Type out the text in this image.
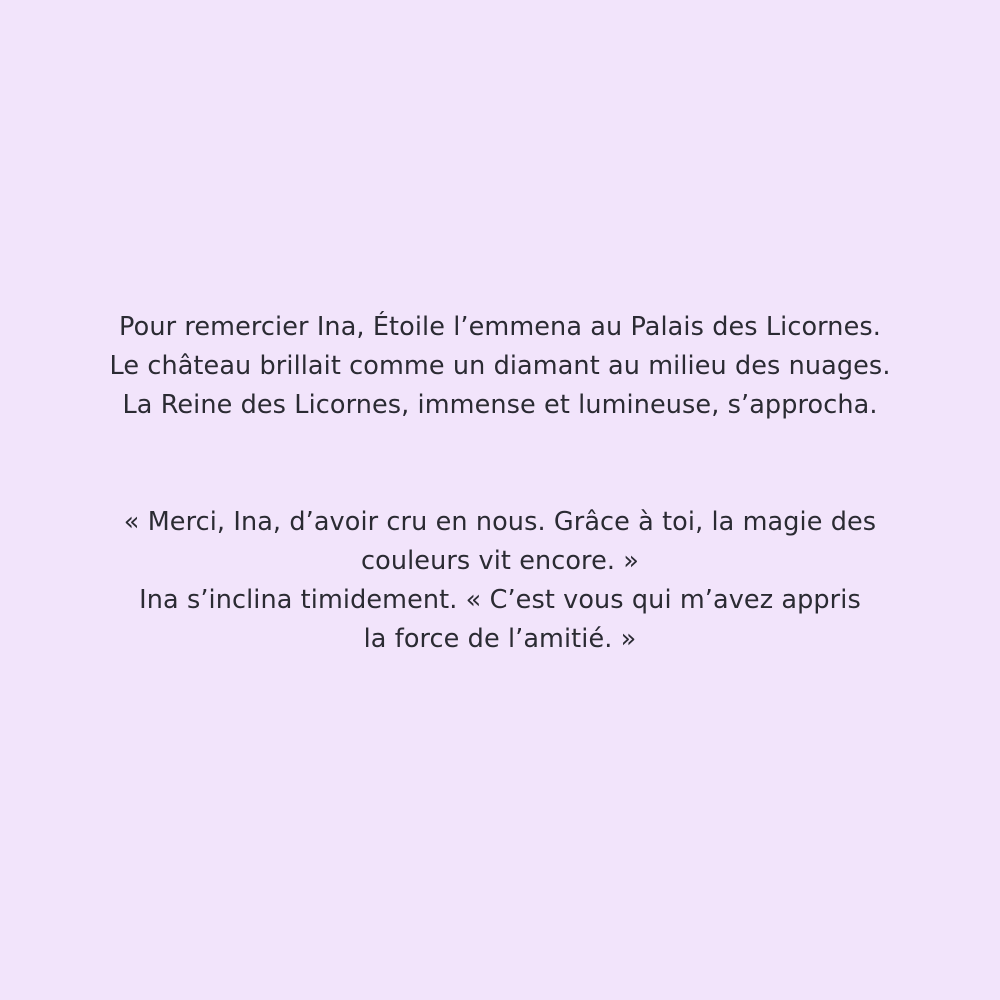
Pour remercier Ina, Étoile l’emmena au Palais des Licornes.
Le château brillait comme un diamant au milieu des nuages.
La Reine des Licornes, immense et lumineuse, s’approcha.
« Merci, Ina, d’avoir cru en nous. Grâce à toi, la magie des
couleurs vit encore. »
Ina s’inclina timidement. « C’est vous qui m’avez appris
la force de l’amitié. »
